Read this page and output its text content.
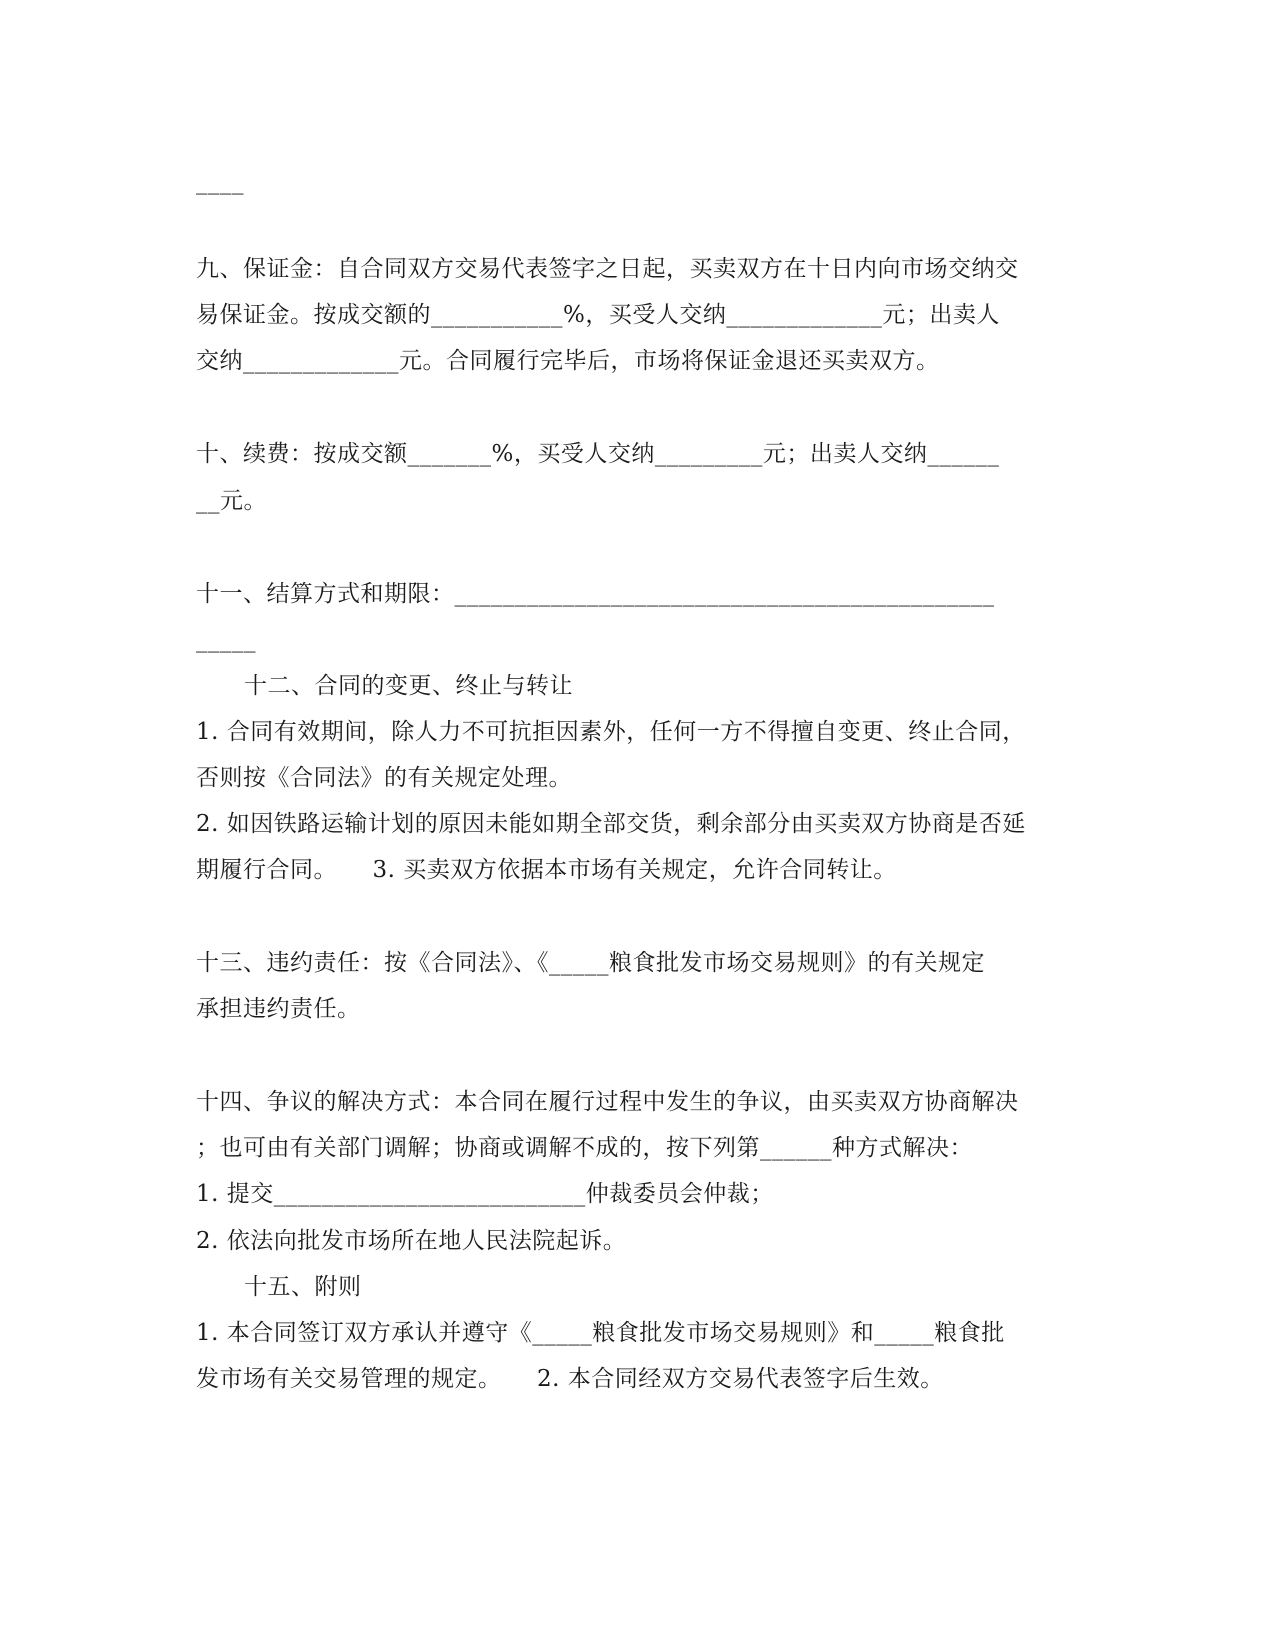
____
九、保证金：自合同双方交易代表签字之日起，买卖双方在十日内向市场交纳交
易保证金。按成交额的___________%，买受人交纳_____________元；出卖人
交纳_____________元。合同履行完毕后，市场将保证金退还买卖双方。
十、续费：按成交额_______%，买受人交纳_________元；出卖人交纳______
__元。
十一、结算方式和期限：_____________________________________________
_____
十二、合同的变更、终止与转让
1. 合同有效期间，除人力不可抗拒因素外，任何一方不得擅自变更、终止合同，
否则按《合同法》的有关规定处理。
2. 如因铁路运输计划的原因未能如期全部交货，剩余部分由买卖双方协商是否延
期履行合同。　　3. 买卖双方依据本市场有关规定，允许合同转让。
十三、违约责任：按《合同法》、《_____粮食批发市场交易规则》的有关规定
承担违约责任。
十四、争议的解决方式：本合同在履行过程中发生的争议，由买卖双方协商解决
；也可由有关部门调解；协商或调解不成的，按下列第______种方式解决：
1. 提交__________________________仲裁委员会仲裁；
2. 依法向批发市场所在地人民法院起诉。
十五、附则
1. 本合同签订双方承认并遵守《_____粮食批发市场交易规则》和_____粮食批
发市场有关交易管理的规定。　　2. 本合同经双方交易代表签字后生效。
